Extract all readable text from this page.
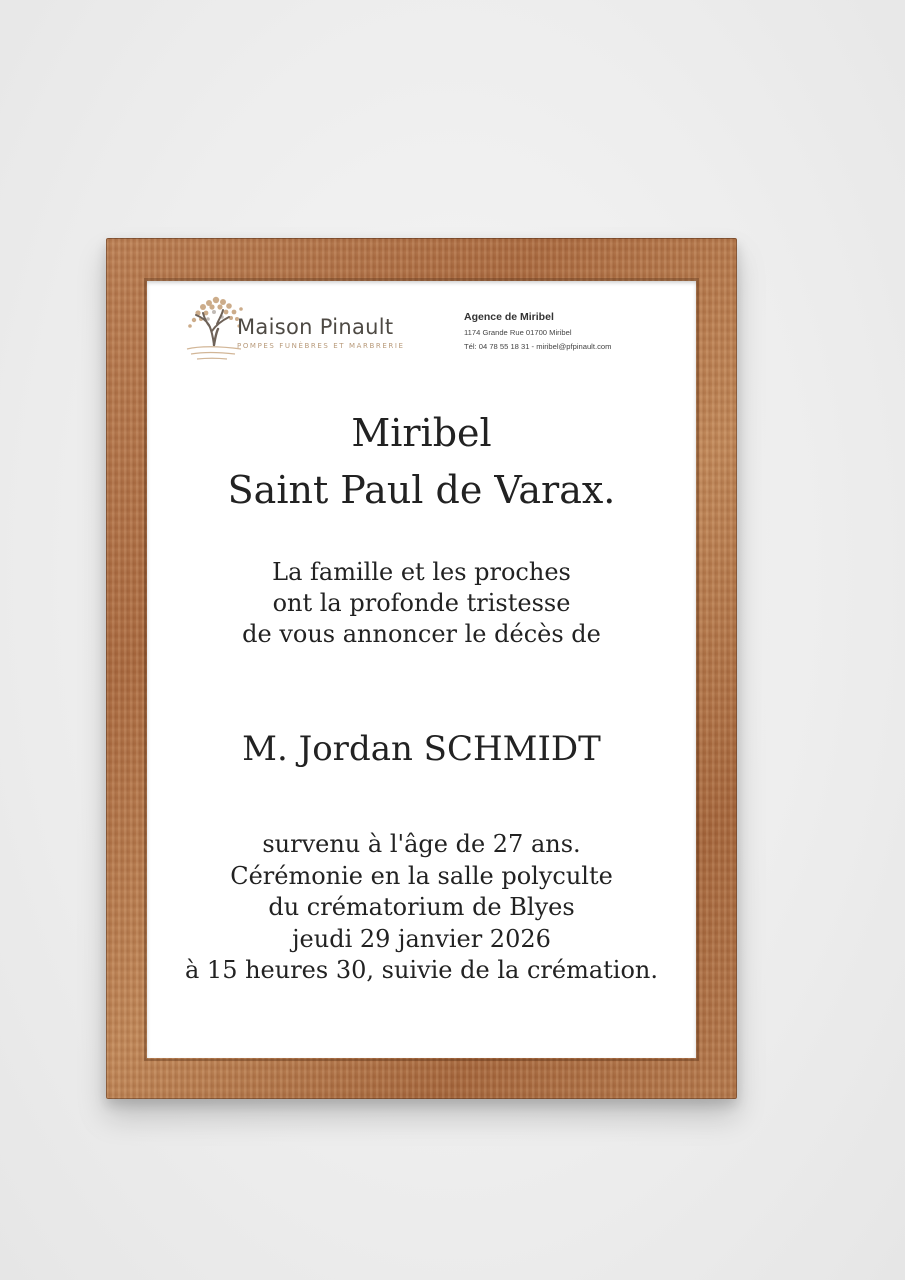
Maison Pinault
POMPES FUNÈBRES ET MARBRERIE
Agence de Miribel
1174 Grande Rue 01700 Miribel
Tél: 04 78 55 18 31 - miribel@pfpinault.com
Miribel
Saint Paul de Varax.
La famille et les proches
ont la profonde tristesse
de vous annoncer le décès de
M. Jordan SCHMIDT
survenu à l'âge de 27 ans.
Cérémonie en la salle polyculte
du crématorium de Blyes
jeudi 29 janvier 2026
à 15 heures 30, suivie de la crémation.
